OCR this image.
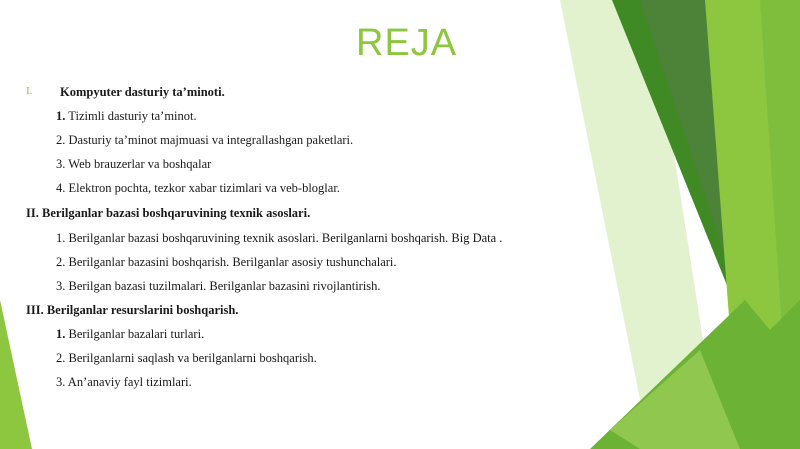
REJA
I. Kompyuter dasturiy ta’minoti.
1. Tizimli dasturiy ta’minot.
2. Dasturiy ta’minot majmuasi va integrallashgan paketlari.
3. Web brauzerlar va boshqalar
4. Elektron pochta, tezkor xabar tizimlari va veb-bloglar.
II. Berilganlar bazasi boshqaruvining texnik asoslari.
1. Berilganlar bazasi boshqaruvining texnik asoslari. Berilganlarni boshqarish. Big Data .
2. Berilganlar bazasini boshqarish. Berilganlar asosiy tushunchalari.
3. Berilgan bazasi tuzilmalari. Berilganlar bazasini rivojlantirish.
III. Berilganlar resurslarini boshqarish.
1. Berilganlar bazalari turlari.
2. Berilganlarni saqlash va berilganlarni boshqarish.
3. An’anaviy fayl tizimlari.
